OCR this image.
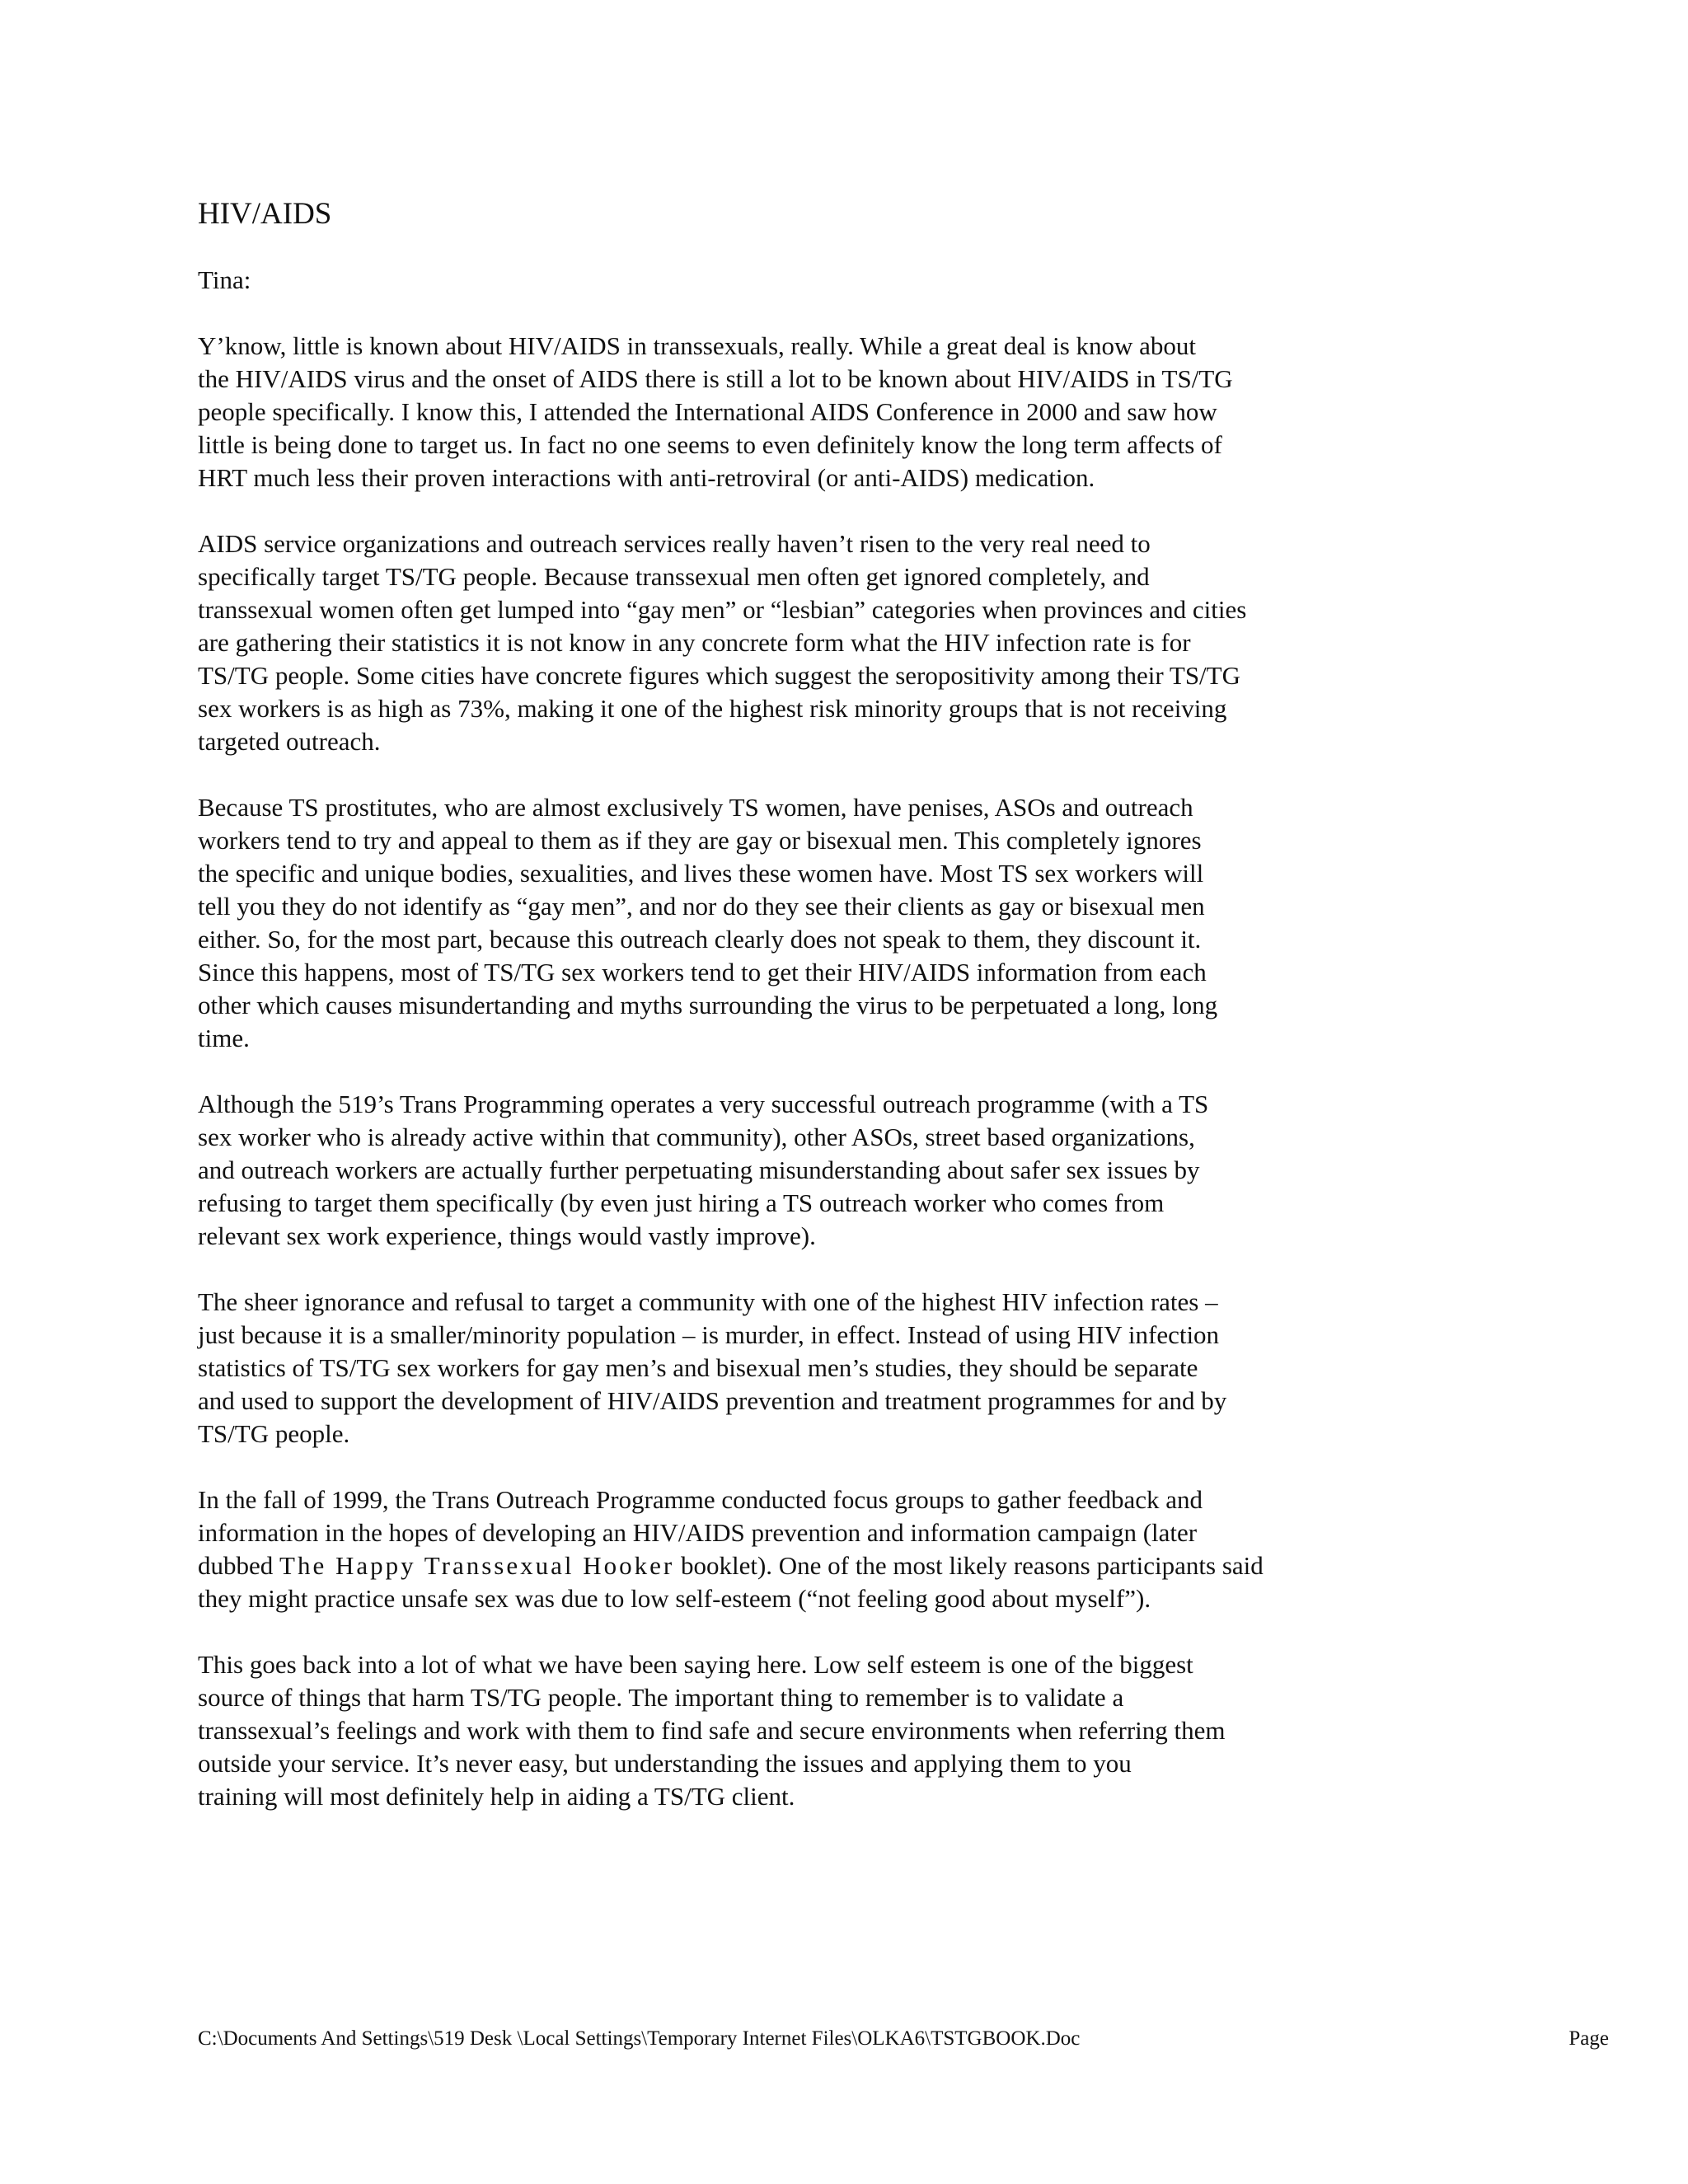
HIV/AIDS
Tina:

Y’know, little is known about HIV/AIDS in transsexuals, really. While a great deal is know about
the HIV/AIDS virus and the onset of AIDS there is still a lot to be known about HIV/AIDS in TS/TG
people specifically. I know this, I attended the International AIDS Conference in 2000 and saw how
little is being done to target us. In fact no one seems to even definitely know the long term affects of
HRT much less their proven interactions with anti-retroviral (or anti-AIDS) medication.

AIDS service organizations and outreach services really haven’t risen to the very real need to
specifically target TS/TG people. Because transsexual men often get ignored completely, and
transsexual women often get lumped into “gay men” or “lesbian” categories when provinces and cities
are gathering their statistics it is not know in any concrete form what the HIV infection rate is for
TS/TG people. Some cities have concrete figures which suggest the seropositivity among their TS/TG
sex workers is as high as 73%, making it one of the highest risk minority groups that is not receiving
targeted outreach.

Because TS prostitutes, who are almost exclusively TS women, have penises, ASOs and outreach
workers tend to try and appeal to them as if they are gay or bisexual men. This completely ignores
the specific and unique bodies, sexualities, and lives these women have. Most TS sex workers will
tell you they do not identify as “gay men”, and nor do they see their clients as gay or bisexual men
either. So, for the most part, because this outreach clearly does not speak to them, they discount it.
Since this happens, most of TS/TG sex workers tend to get their HIV/AIDS information from each
other which causes misundertanding and myths surrounding the virus to be perpetuated a long, long
time.

Although the 519’s Trans Programming operates a very successful outreach programme (with a TS
sex worker who is already active within that community), other ASOs, street based organizations,
and outreach workers are actually further perpetuating misunderstanding about safer sex issues by
refusing to target them specifically (by even just hiring a TS outreach worker who comes from
relevant sex work experience, things would vastly improve).

The sheer ignorance and refusal to target a community with one of the highest HIV infection rates –
just because it is a smaller/minority population – is murder, in effect. Instead of using HIV infection
statistics of TS/TG sex workers for gay men’s and bisexual men’s studies, they should be separate
and used to support the development of HIV/AIDS prevention and treatment programmes for and by
TS/TG people.

In the fall of 1999, the Trans Outreach Programme conducted focus groups to gather feedback and
information in the hopes of developing an HIV/AIDS prevention and information campaign (later
dubbed The Happy Transsexual Hooker booklet). One of the most likely reasons participants said
they might practice unsafe sex was due to low self-esteem (“not feeling good about myself”).

This goes back into a lot of what we have been saying here. Low self esteem is one of the biggest
source of things that harm TS/TG people. The important thing to remember is to validate a
transsexual’s feelings and work with them to find safe and secure environments when referring them
outside your service. It’s never easy, but understanding the issues and applying them to you
training will most definitely help in aiding a TS/TG client.

C:\Documents And Settings\519 Desk \Local Settings\Temporary Internet Files\OLKA6\TSTGBOOK.Doc	Page
